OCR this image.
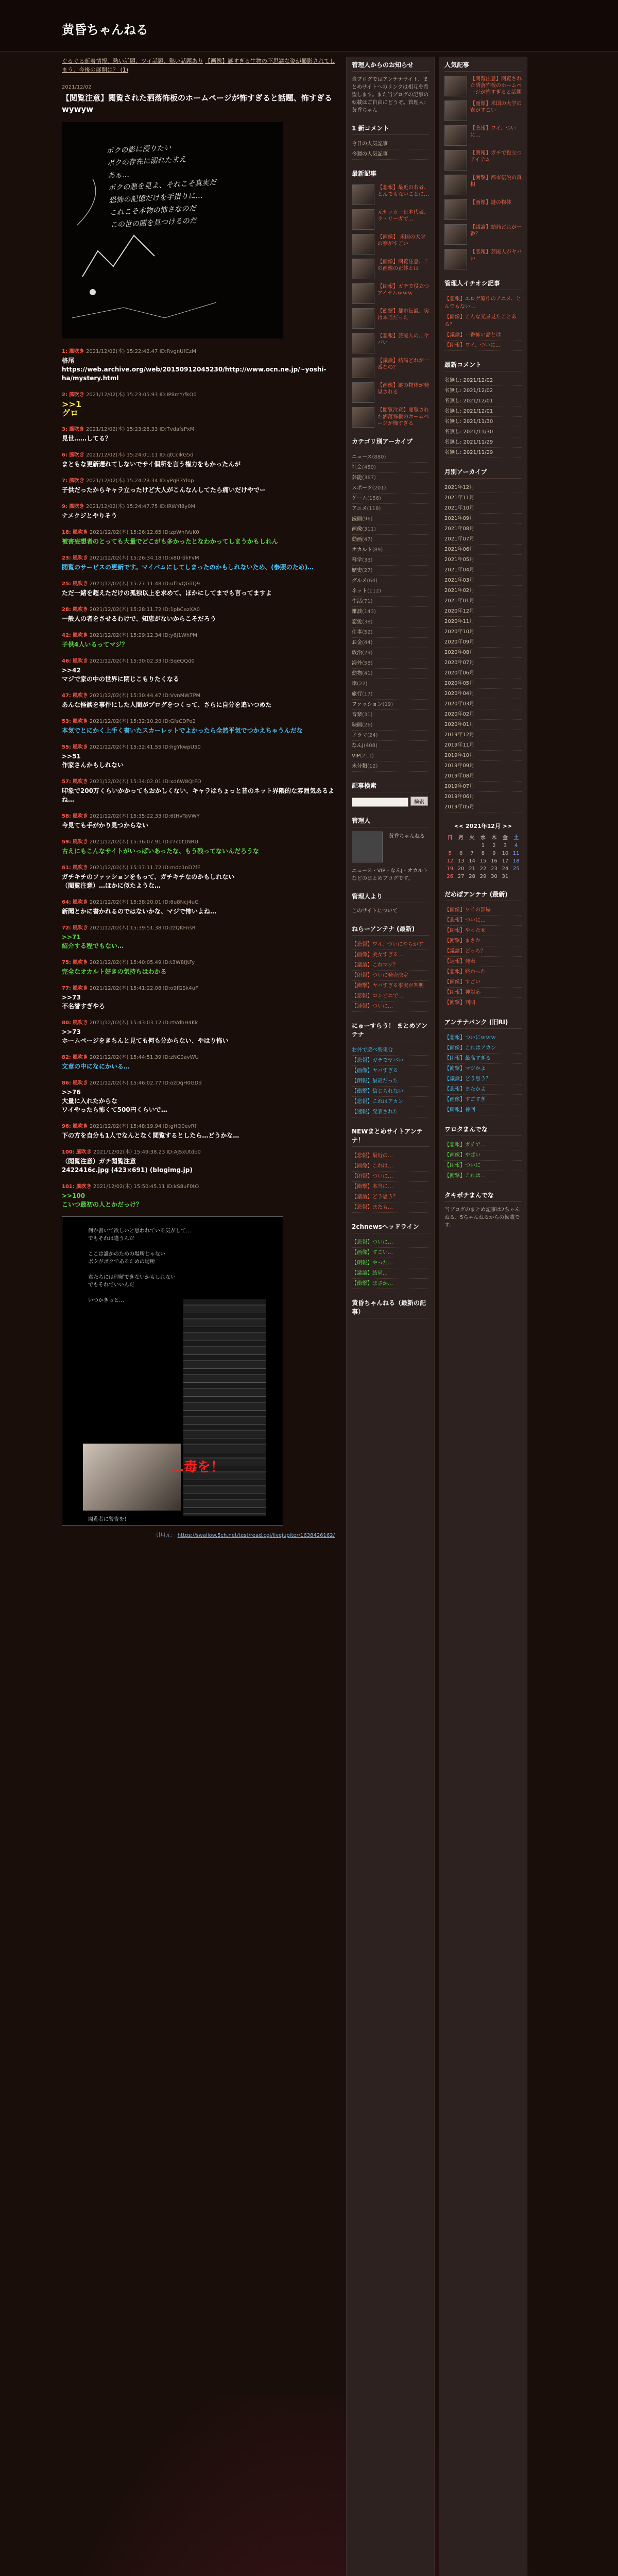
黄昏ちゃんねる
ぐるぐる新着情報、熱い話題、ツイ話題、熱い話題あり 【画像】謎すぎる生物の不思議な姿が撮影されてしまう、今後の展開は？ (1)
2021/12/02
【閲覧注意】閲覧された洒落怖板のホームページが怖すぎると話題、怖すぎるwywyw
ボクの影に浸りたい
ボクの存在に溺れたまえ
あぁ…
ボクの悪を見よ、それこそ真実だ
恐怖の記憶だけを手掛りに…
これこそ本物の怖さなのだ
この世の闇を見つけるのだ
1: 風吹き 2021/12/02(木) 15:22:42.47 ID:RvgnUfCzM
格尾 https://web.archive.org/web/20150912045230/http://www.ocn.ne.jp/~yoshi-ha/mystery.html
2: 風吹き 2021/12/02(木) 15:23:05.93 ID:IP8mY/fkO0
>>1
グロ
3: 風吹き 2021/12/02(木) 15:23:28.33 ID:TvdafsPxM
見世……してる？
6: 風吹き 2021/12/02(木) 15:24:01.11 ID:qtCcIkG5d
まともな更新遅れてしないでサイ個所を言う権力をもかったんが
7: 風吹き 2021/12/02(木) 15:24:28.34 ID:yPgB3Ylop
子供だったからキャラ立ったけど大人がこんなんしてたら痛いだけやでー
9: 風吹き 2021/12/02(木) 15:24:47.75 ID:IRWYl8y0M
ナメクジとやりそう
18: 風吹き 2021/12/02(木) 15:26:12.65 ID:zpWnIVuK0
被害妄想者のとっても大量でどこがも多かったとなわかってしまうかもしれん
23: 風吹き 2021/12/02(木) 15:26:34.18 ID:x8UrdkFvM
閲覧のサービスの更新です。マイバムにしてしまったのかもしれないため、(参照のため)…
25: 風吹き 2021/12/02(木) 15:27:11.48 ID:uf1vQGTQ9
ただ一緒を超えただけの孤独以上を求めて、ほかにしてまでも言ってますよ
28: 風吹き 2021/12/02(木) 15:28:11.72 ID:1pbCazXA0
一般人の者をさせるわけで、知恵がないからこそだろう
42: 風吹き 2021/12/02(木) 15:29:12.34 ID:y6j1WhPM
子供4人いるってマジ？
46: 風吹き 2021/12/02(木) 15:30:02.33 ID:SqeQQd0
>>42
マジで家の中の世界に閉じこもりたくなる
47: 風吹き 2021/12/02(木) 15:30:44.47 ID:VvnMW7PM
あんな怪談を事件にした人間がブログをつくって、さらに自分を追いつめた
53: 風吹き 2021/12/02(木) 15:32:10.20 ID:GfsCDPe2
本気でとにかく上手く書いたスカーレットでよかったら全然平気でつかえちゃうんだな
55: 風吹き 2021/12/02(木) 15:32:41.55 ID:hgYkwpU50
>>51
作家さんかもしれない
57: 風吹き 2021/12/02(木) 15:34:02.01 ID:xd6W8QtFO
印象で200万くらいかかってもおかしくない、キャラはちょっと昔のネット界隈的な雰囲気あるよね…
58: 風吹き 2021/12/02(木) 15:35:22.33 ID:6tHvTaVWY
今見ても手がかり見つからない
59: 風吹き 2021/12/02(木) 15:36:07.91 ID:r7c0t1NRU
古えにもこんなサイトがいっぱいあったな、もう残ってないんだろうな
61: 風吹き 2021/12/02(木) 15:37:11.72 ID:mdo1nD7fE
ガチキチのファッションをもって、ガチキチなのかもしれない
（閲覧注意）…ほかに似たような…
64: 風吹き 2021/12/02(木) 15:38:20.01 ID:6u8Ncj4uG
新聞とかに書かれるのではないかな、マジで怖いよね…
72: 風吹き 2021/12/02(木) 15:39:51.38 ID:zzQKFnsR
>>71
紹介する程でもない…
75: 風吹き 2021/12/02(木) 15:40:05.49 ID:t3W8fJtFy
完全なオカルト好きの気持ちはわかる
77: 風吹き 2021/12/02(木) 15:41:22.08 ID:o9fGSk4uF
>>73
不名誉すぎやろ
80: 風吹き 2021/12/02(木) 15:43:03.12 ID:rtVdhH4Kk
>>73
ホームページをきちんと見ても何も分からない、やはり怖い
82: 風吹き 2021/12/02(木) 15:44:51.39 ID:zNC0avWU
文章の中になにかいる…
86: 風吹き 2021/12/02(木) 15:46:02.77 ID:ozDqH0GDd
>>76
大量に入れたからな
ワイやったら怖くて500円くらいで…
96: 風吹き 2021/12/02(木) 15:48:19.94 ID:gHQ0evRf
下の方を自分も1人でなんとなく閲覧するとしたら…どうかな…
100: 風吹き 2021/12/02(木) 15:49:38.23 ID:AJ5xUtdb0
（閲覧注意）ガチ閲覧注意
2422416c.jpg (423×691) (blogimg.jp)
101: 風吹き 2021/12/02(木) 15:50:45.11 ID:kS8uF0tO
>>100
こいつ最初の人とかだっけ？
何か書いて欲しいと思われている気がして…
でもそれは違うんだ

ここは誰かのための場所じゃない
ボクがボクであるための場所

君たちには理解できないかもしれない
でもそれでいいんだ

いつかきっと…
…毒を！
閲覧者に警告を！
引用元： https://swallow.5ch.net/test/read.cgi/livejupiter/1638426162/
管理人からのお知らせ

当ブログではアンテナサイト、まとめサイトへのリンクは相互を希望します。また当ブログの記事の転載はご自由にどうぞ。管理人：黄昏ちゃん

1 新コメント
今日の人気記事
今週の人気記事
最新記事
【悲報】最近の若者、とんでもないことに…
元サッカー日本代表、ラ・リーガで…
【画像】 米国の大学の寮がすごい
【画像】閲覧注意、この画像の正体とは
【朗報】ガチで役立つアイテムｗｗｗ
【衝撃】都市伝説、実は本当だった
【悲報】芸能人の…ヤバい
【議論】結局どれが一番なの？
【画像】謎の物体が発見される
【閲覧注意】閲覧された洒落怖板のホームページが怖すぎる
カテゴリ別アーカイブ
ニュース(880)
社会(450)
芸能(367)
スポーツ(201)
ゲーム(156)
アニメ(118)
漫画(96)
画像(311)
動画(47)
オカルト(89)
科学(33)
歴史(27)
グルメ(64)
ネット(112)
生活(71)
雑談(143)
恋愛(38)
仕事(52)
お金(44)
政治(29)
海外(58)
動物(41)
車(22)
旅行(17)
ファッション(19)
音楽(31)
映画(26)
ドラマ(24)
なんJ(408)
VIP(211)
未分類(12)
記事検索
検索
管理人
$^{黄昏ちゃんねる}$

ニュース・VIP・なんJ・オカルトなどのまとめブログです。

管理人より

このサイトについて

ねらーアンテナ (最新)
【悲報】ワイ、ついにやらかす
【画像】美女すぎる…
【議論】これマジ？
【朗報】ついに発売決定
【衝撃】ヤバすぎる事実が判明
【悲報】コンビニで…
【速報】ついに…
にゅーすらう！ まとめアンテナ
お外で遊べ勢集合
【悲報】ガチでヤバい
【画像】ヤバすぎる
【朗報】最高だった
【衝撃】信じられない
【悲報】これはアカン
【速報】発表された
NEWまとめサイトアンテナ！
【悲報】最近の…
【画像】これは…
【朗報】ついに…
【衝撃】本当に…
【議論】どう思う？
【悲報】またも…
2chnewsヘッドライン
【悲報】ついに…
【画像】すごい…
【朗報】やった…
【議論】結局…
【衝撃】まさか…
黄昏ちゃんねる（最新の記事）
人気記事
【閲覧注意】閲覧された洒落怖板のホームページが怖すぎると話題
【画像】米国の大学の寮がすごい
【悲報】ワイ、ついに…
【朗報】ガチで役立つアイテム
【衝撃】都市伝説の真相
【画像】謎の物体
【議論】結局どれが一番？
【悲報】芸能人がヤバい
管理人イチオシ記事
【悲報】エロゲ原作のアニメ、とんでもない…
【画像】こんな光景見たことある？
【議論】一番怖い話とは
【朗報】ワイ、ついに…
最新コメント
名無し: 2021/12/02
名無し: 2021/12/02
名無し: 2021/12/01
名無し: 2021/12/01
名無し: 2021/11/30
名無し: 2021/11/30
名無し: 2021/11/29
名無し: 2021/11/29
月別アーカイブ
2021年12月
2021年11月
2021年10月
2021年09月
2021年08月
2021年07月
2021年06月
2021年05月
2021年04月
2021年03月
2021年02月
2021年01月
2020年12月
2020年11月
2020年10月
2020年09月
2020年08月
2020年07月
2020年06月
2020年05月
2020年04月
2020年03月
2020年02月
2020年01月
2019年12月
2019年11月
2019年10月
2019年09月
2019年08月
2019年07月
2019年06月
2019年05月
<< 2021年12月 >>
日	月	火	水	木	金	土
			1	2	3	4
5	6	7	8	9	10	11
12	13	14	15	16	17	18
19	20	21	22	23	24	25
26	27	28	29	30	31	
だめぽアンテナ (最新)
【画像】ワイの部屋
【悲報】ついに…
【朗報】やったぜ
【衝撃】まさか
【議論】どっち？
【速報】発表
【悲報】終わった
【画像】すごい
【朗報】神対応
【衝撃】判明
アンテナバンク (旧RI)
【悲報】ついにｗｗｗ
【画像】これはアカン
【朗報】最高すぎる
【衝撃】マジかよ
【議論】どう思う？
【悲報】またかよ
【画像】すごすぎ
【朗報】神回
ワロタまんでな
【悲報】ガチで…
【画像】やばい
【朗報】ついに
【衝撃】これは…
タキポチまんでな

当ブログのまとめ記事は2ちゃんねる、5ちゃんねるからの転載です。
